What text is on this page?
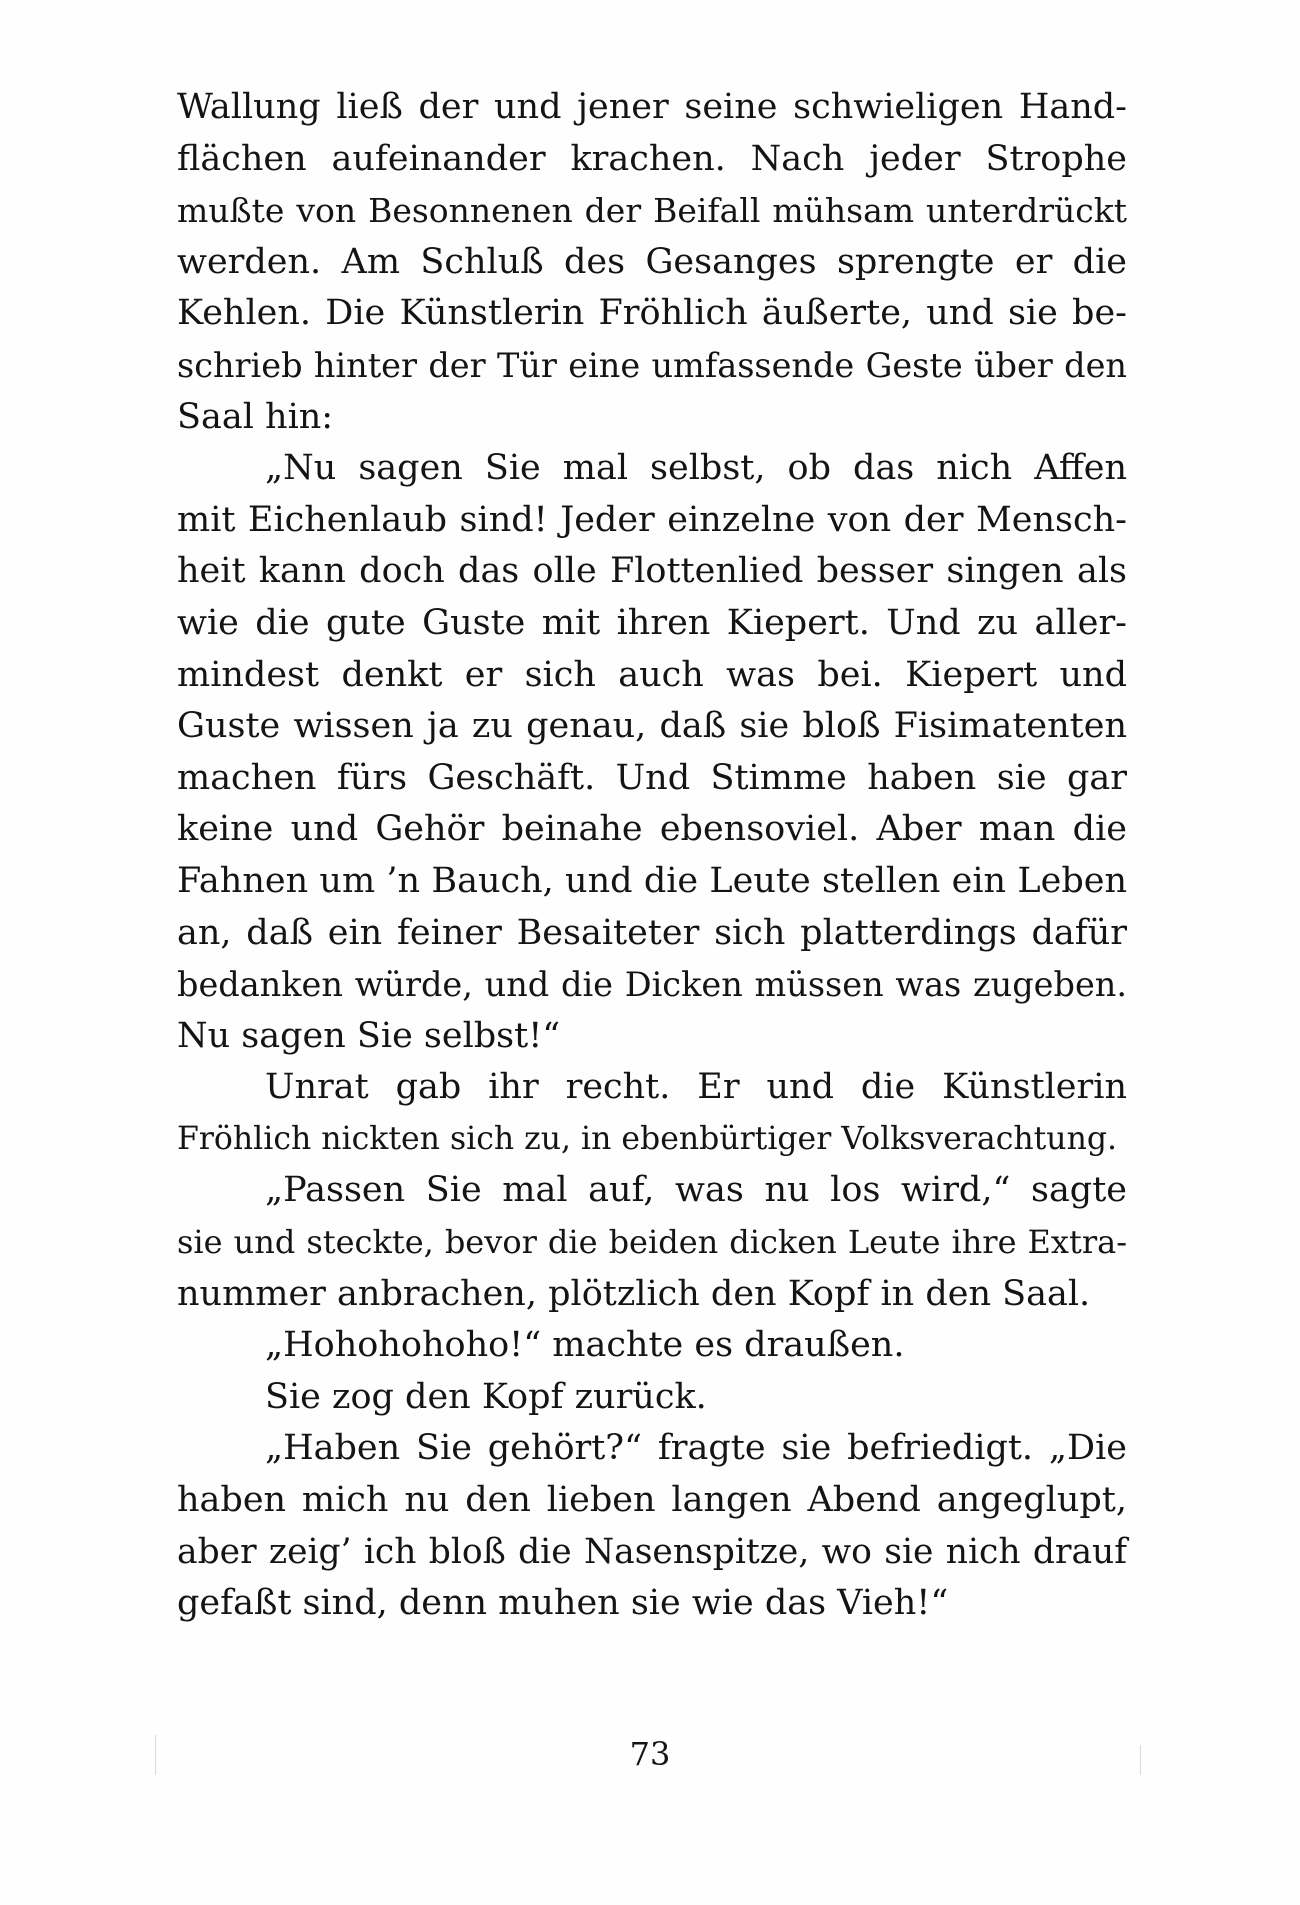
Wallung ließ der und jener seine schwieligen Hand-
flächen aufeinander krachen. Nach jeder Strophe
mußte von Besonnenen der Beifall mühsam unterdrückt
werden. Am Schluß des Gesanges sprengte er die
Kehlen. Die Künstlerin Fröhlich äußerte, und sie be-
schrieb hinter der Tür eine umfassende Geste über den
Saal hin:
„Nu sagen Sie mal selbst, ob das nich Affen
mit Eichenlaub sind! Jeder einzelne von der Mensch-
heit kann doch das olle Flottenlied besser singen als
wie die gute Guste mit ihren Kiepert. Und zu aller-
mindest denkt er sich auch was bei. Kiepert und
Guste wissen ja zu genau, daß sie bloß Fisimatenten
machen fürs Geschäft. Und Stimme haben sie gar
keine und Gehör beinahe ebensoviel. Aber man die
Fahnen um ’n Bauch, und die Leute stellen ein Leben
an, daß ein feiner Besaiteter sich platterdings dafür
bedanken würde, und die Dicken müssen was zugeben.
Nu sagen Sie selbst!“
Unrat gab ihr recht. Er und die Künstlerin
Fröhlich nickten sich zu, in ebenbürtiger Volksverachtung.
„Passen Sie mal auf, was nu los wird,“ sagte
sie und steckte, bevor die beiden dicken Leute ihre Extra-
nummer anbrachen, plötzlich den Kopf in den Saal.
„Hohohohoho!“ machte es draußen.
Sie zog den Kopf zurück.
„Haben Sie gehört?“ fragte sie befriedigt. „Die
haben mich nu den lieben langen Abend angeglupt,
aber zeig’ ich bloß die Nasenspitze, wo sie nich drauf
gefaßt sind, denn muhen sie wie das Vieh!“
73
